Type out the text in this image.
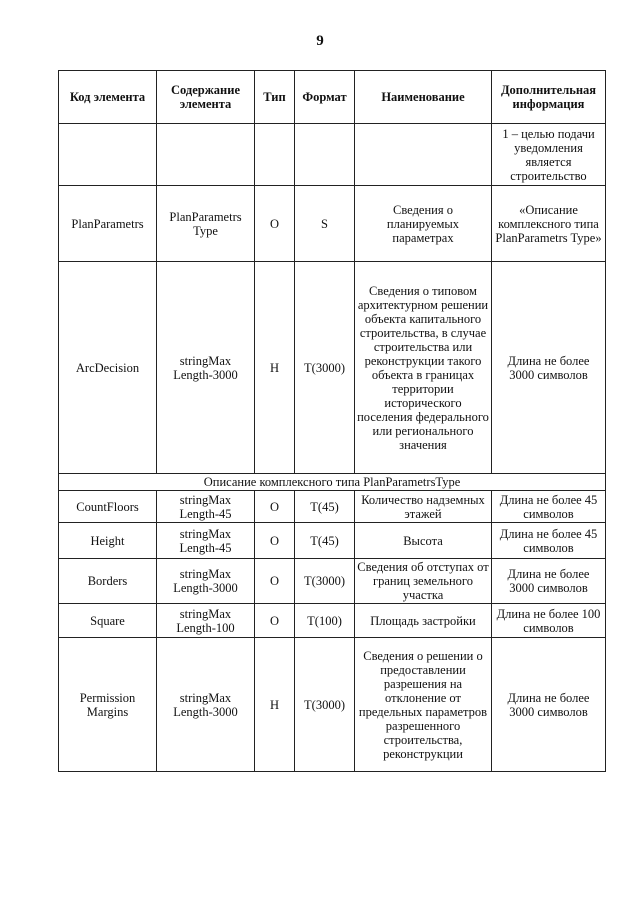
9
Код элемента	Содержание элемента	Тип	Формат	Наименование	Дополнительная информация
					1 – целью подачи уведомления является строительство
PlanParametrs	PlanParametrs Type	О	S	Сведения о планируемых параметрах	«Описание комплексного типа PlanParametrs Type»
ArcDecision	stringMax Length-3000	Н	T(3000)	Сведения о типовом архитектурном решении объекта капитального строительства, в случае строительства или реконструкции такого объекта в границах территории исторического поселения федерального или регионального значения	Длина не более 3000 символов
Описание комплексного типа PlanParametrsType					
CountFloors	stringMax Length-45	О	T(45)	Количество надземных этажей	Длина не более 45 символов
Height	stringMax Length-45	О	T(45)	Высота	Длина не более 45 символов
Borders	stringMax Length-3000	О	T(3000)	Сведения об отступах от границ земельного участка	Длина не более 3000 символов
Square	stringMax Length-100	О	T(100)	Площадь застройки	Длина не более 100 символов
Permission Margins	stringMax Length-3000	Н	T(3000)	Сведения о решении о предоставлении разрешения на отклонение от предельных параметров разрешенного строительства, реконструкции	Длина не более 3000 символов
